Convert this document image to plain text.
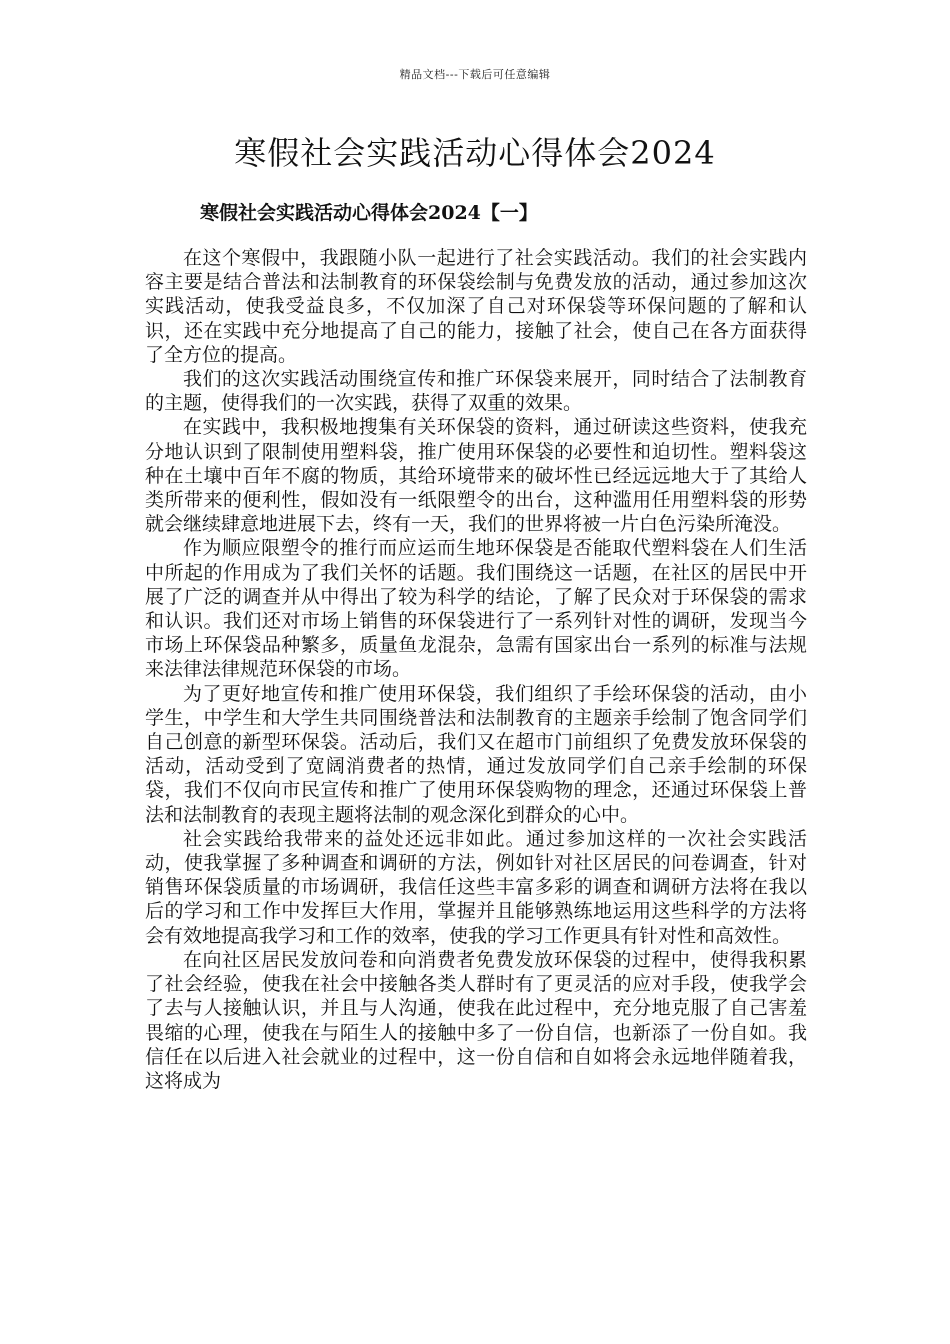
精品文档---下载后可任意编辑
寒假社会实践活动心得体会2024
寒假社会实践活动心得体会2024【一】

在这个寒假中，我跟随小队一起进行了社会实践活动。我们的社会实践内容主要是结合普法和法制教育的环保袋绘制与免费发放的活动，通过参加这次实践活动，使我受益良多，不仅加深了自己对环保袋等环保问题的了解和认识，还在实践中充分地提高了自己的能力，接触了社会，使自己在各方面获得了全方位的提高。

我们的这次实践活动围绕宣传和推广环保袋来展开，同时结合了法制教育的主题，使得我们的一次实践，获得了双重的效果。

在实践中，我积极地搜集有关环保袋的资料，通过研读这些资料，使我充分地认识到了限制使用塑料袋，推广使用环保袋的必要性和迫切性。塑料袋这种在土壤中百年不腐的物质，其给环境带来的破坏性已经远远地大于了其给人类所带来的便利性，假如没有一纸限塑令的出台，这种滥用任用塑料袋的形势就会继续肆意地进展下去，终有一天，我们的世界将被一片白色污染所淹没。

作为顺应限塑令的推行而应运而生地环保袋是否能取代塑料袋在人们生活中所起的作用成为了我们关怀的话题。我们围绕这一话题，在社区的居民中开展了广泛的调查并从中得出了较为科学的结论，了解了民众对于环保袋的需求和认识。我们还对市场上销售的环保袋进行了一系列针对性的调研，发现当今市场上环保袋品种繁多，质量鱼龙混杂，急需有国家出台一系列的标准与法规来法律法律规范环保袋的市场。

为了更好地宣传和推广使用环保袋，我们组织了手绘环保袋的活动，由小学生，中学生和大学生共同围绕普法和法制教育的主题亲手绘制了饱含同学们自己创意的新型环保袋。活动后，我们又在超市门前组织了免费发放环保袋的活动，活动受到了宽阔消费者的热情，通过发放同学们自己亲手绘制的环保袋，我们不仅向市民宣传和推广了使用环保袋购物的理念，还通过环保袋上普法和法制教育的表现主题将法制的观念深化到群众的心中。

社会实践给我带来的益处还远非如此。通过参加这样的一次社会实践活动，使我掌握了多种调查和调研的方法，例如针对社区居民的问卷调查，针对销售环保袋质量的市场调研，我信任这些丰富多彩的调查和调研方法将在我以后的学习和工作中发挥巨大作用，掌握并且能够熟练地运用这些科学的方法将会有效地提高我学习和工作的效率，使我的学习工作更具有针对性和高效性。

在向社区居民发放问卷和向消费者免费发放环保袋的过程中，使得我积累了社会经验，使我在社会中接触各类人群时有了更灵活的应对手段，使我学会了去与人接触认识，并且与人沟通，使我在此过程中，充分地克服了自己害羞畏缩的心理，使我在与陌生人的接触中多了一份自信，也新添了一份自如。我信任在以后进入社会就业的过程中，这一份自信和自如将会永远地伴随着我，这将成为
